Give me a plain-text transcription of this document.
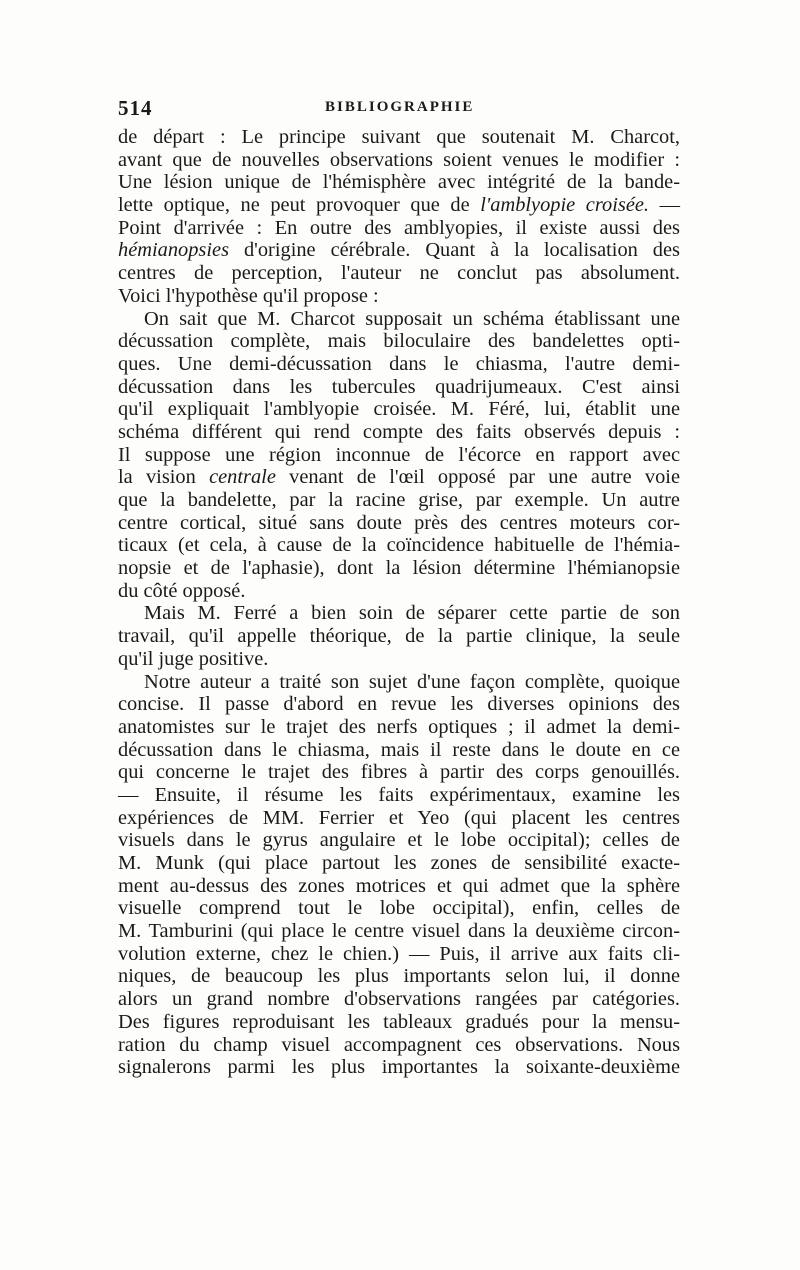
514	BIBLIOGRAPHIE
de départ : Le principe suivant que soutenait M. Charcot,
avant que de nouvelles observations soient venues le modifier :
Une lésion unique de l'hémisphère avec intégrité de la bande-
lette optique, ne peut provoquer que de l'amblyopie croisée. —
Point d'arrivée : En outre des amblyopies, il existe aussi des
hémianopsies d'origine cérébrale. Quant à la localisation des
centres de perception, l'auteur ne conclut pas absolument.
Voici l'hypothèse qu'il propose :
On sait que M. Charcot supposait un schéma établissant une
décussation complète, mais biloculaire des bandelettes opti-
ques. Une demi-décussation dans le chiasma, l'autre demi-
décussation dans les tubercules quadrijumeaux. C'est ainsi
qu'il expliquait l'amblyopie croisée. M. Féré, lui, établit une
schéma différent qui rend compte des faits observés depuis :
Il suppose une région inconnue de l'écorce en rapport avec
la vision centrale venant de l'œil opposé par une autre voie
que la bandelette, par la racine grise, par exemple. Un autre
centre cortical, situé sans doute près des centres moteurs cor-
ticaux (et cela, à cause de la coïncidence habituelle de l'hémia-
nopsie et de l'aphasie), dont la lésion détermine l'hémianopsie
du côté opposé.
Mais M. Ferré a bien soin de séparer cette partie de son
travail, qu'il appelle théorique, de la partie clinique, la seule
qu'il juge positive.
Notre auteur a traité son sujet d'une façon complète, quoique
concise. Il passe d'abord en revue les diverses opinions des
anatomistes sur le trajet des nerfs optiques ; il admet la demi-
décussation dans le chiasma, mais il reste dans le doute en ce
qui concerne le trajet des fibres à partir des corps genouillés.
— Ensuite, il résume les faits expérimentaux, examine les
expériences de MM. Ferrier et Yeo (qui placent les centres
visuels dans le gyrus angulaire et le lobe occipital); celles de
M. Munk (qui place partout les zones de sensibilité exacte-
ment au-dessus des zones motrices et qui admet que la sphère
visuelle comprend tout le lobe occipital), enfin, celles de
M. Tamburini (qui place le centre visuel dans la deuxième circon-
volution externe, chez le chien.) — Puis, il arrive aux faits cli-
niques, de beaucoup les plus importants selon lui, il donne
alors un grand nombre d'observations rangées par catégories.
Des figures reproduisant les tableaux gradués pour la mensu-
ration du champ visuel accompagnent ces observations. Nous
signalerons parmi les plus importantes la soixante-deuxième
